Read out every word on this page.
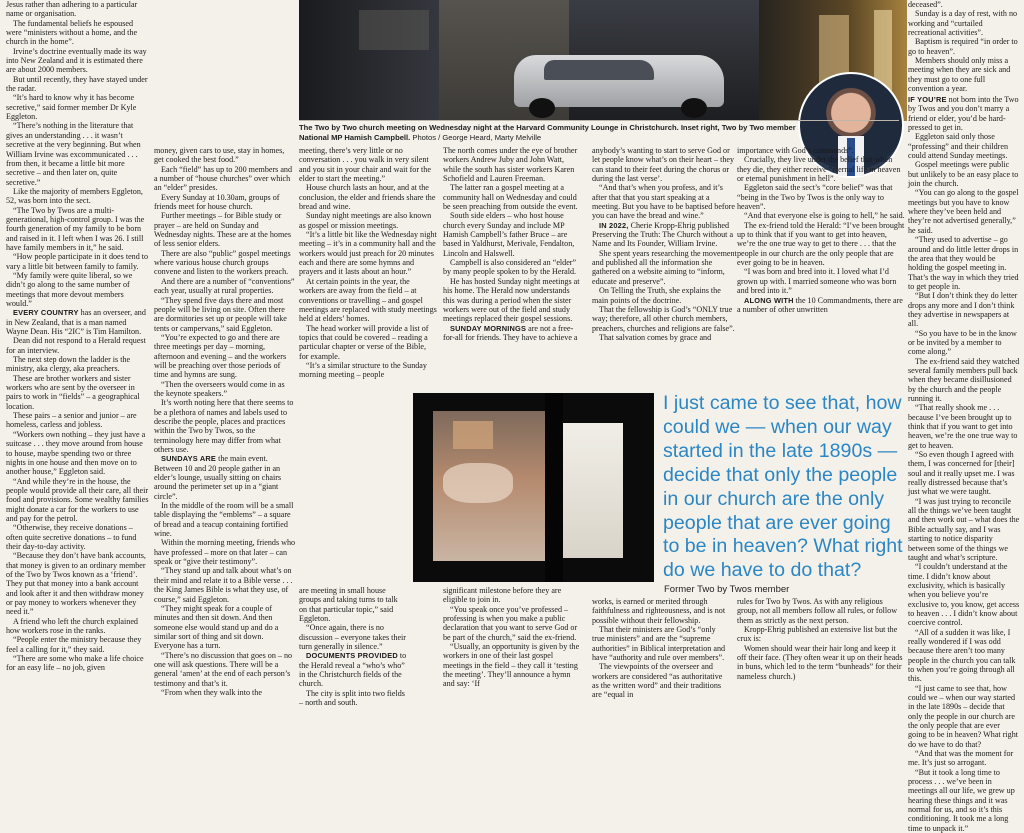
The Two by Two church meeting on Wednesday night at the Harvard Community Lounge in Christchurch. Inset right, Two by Two member National MP Hamish Campbell. Photos / George Heard, Marty Melville
I just came to see that, how could we — when our way started in the late 1890s — decide that only the people in our church are the only people that are ever going to be in heaven? What right do we have to do that?
Former Two by Twos member

Jesus rather than adhering to a particular name or organisation.

The fundamental beliefs he espoused were “ministers without a home, and the church in the home”.

Irvine’s doctrine eventually made its way into New Zealand and it is estimated there are about 2000 members.

But until recently, they have stayed under the radar.

“It’s hard to know why it has become secretive,” said former member Dr Kyle Eggleton.

“There’s nothing in the literature that gives an understanding . . . it wasn’t secretive at the very beginning. But when William Irvine was excommunicated . . . from then, it became a little bit more secretive – and then later on, quite secretive.”

Like the majority of members Eggleton, 52, was born into the sect.

“The Two by Twos are a multi-generational, high-control group. I was the fourth generation of my family to be born and raised in it. I left when I was 26. I still have family members in it,” he said.

“How people participate in it does tend to vary a little bit between family to family.

“My family were quite liberal, so we didn’t go along to the same number of meetings that more devout members would.”

EVERY COUNTRY has an overseer, and in New Zealand, that is a man named Wayne Dean. His “2IC” is Tim Hamilton.

Dean did not respond to a Herald request for an interview.

The next step down the ladder is the ministry, aka clergy, aka preachers.

These are brother workers and sister workers who are sent by the overseer in pairs to work in “fields” – a geographical location.

These pairs – a senior and junior – are homeless, carless and jobless.

“Workers own nothing – they just have a suitcase . . . they move around from house to house, maybe spending two or three nights in one house and then move on to another house,” Eggleton said.

“And while they’re in the house, the people would provide all their care, all their food and provisions. Some wealthy families might donate a car for the workers to use and pay for the petrol.

“Otherwise, they receive donations – often quite secretive donations – to fund their day-to-day activity.

“Because they don’t have bank accounts, that money is given to an ordinary member of the Two by Twos known as a ‘friend’. They put that money into a bank account and look after it and then withdraw money or pay money to workers whenever they need it.”

A friend who left the church explained how workers rose in the ranks.

“People enter the ministry because they feel a calling for it,” they said.

“There are some who make a life choice for an easy life – no job, given

money, given cars to use, stay in homes, get cooked the best food.”

Each “field” has up to 200 members and a number of “house churches” over which an “elder” presides.

Every Sunday at 10.30am, groups of friends meet for house church.

Further meetings – for Bible study or prayer – are held on Sunday and Wednesday nights. These are at the homes of less senior elders.

There are also “public” gospel meetings where various house church groups convene and listen to the workers preach.

And there are a number of “conventions” each year, usually at rural properties.

“They spend five days there and most people will be living on site. Often there are dormitories set up or people will take tents or campervans,” said Eggleton.

“You’re expected to go and there are three meetings per day – morning, afternoon and evening – and the workers will be preaching over those periods of time and hymns are sung.

“Then the overseers would come in as the keynote speakers.”

It’s worth noting here that there seems to be a plethora of names and labels used to describe the people, places and practices within the Two by Twos, so the terminology here may differ from what others use.

SUNDAYS ARE the main event. Between 10 and 20 people gather in an elder’s lounge, usually sitting on chairs around the perimeter set up in a “giant circle”.

In the middle of the room will be a small table displaying the “emblems” – a square of bread and a teacup containing fortified wine.

Within the morning meeting, friends who have professed – more on that later – can speak or “give their testimony”.

“They stand up and talk about what’s on their mind and relate it to a Bible verse . . . the King James Bible is what they use, of course,” said Eggleton.

“They might speak for a couple of minutes and then sit down. And then someone else would stand up and do a similar sort of thing and sit down. Everyone has a turn.

“There’s no discussion that goes on – no one will ask questions. There will be a general ‘amen’ at the end of each person’s testimony and that’s it.

“From when they walk into the

meeting, there’s very little or no conversation . . . you walk in very silent and you sit in your chair and wait for the elder to start the meeting.”

House church lasts an hour, and at the conclusion, the elder and friends share the bread and wine.

Sunday night meetings are also known as gospel or mission meetings.

“It’s a little bit like the Wednesday night meeting – it’s in a community hall and the workers would just preach for 20 minutes each and there are some hymns and prayers and it lasts about an hour.”

At certain points in the year, the workers are away from the field – at conventions or travelling – and gospel meetings are replaced with study meetings held at elders’ homes.

The head worker will provide a list of topics that could be covered – reading a particular chapter or verse of the Bible, for example.

“It’s a similar structure to the Sunday morning meeting – people

are meeting in small house groups and taking turns to talk on that particular topic,” said Eggleton.

“Once again, there is no discussion – everyone takes their turn generally in silence.”

DOCUMENTS PROVIDED to the Herald reveal a “who’s who” in the Christchurch fields of the church.

The city is split into two fields – north and south.

The north comes under the eye of brother workers Andrew Juby and John Watt, while the south has sister workers Karen Schofield and Lauren Freeman.

The latter ran a gospel meeting at a community hall on Wednesday and could be seen preaching from outside the event.

South side elders – who host house church every Sunday and include MP Hamish Campbell’s father Bruce – are based in Yaldhurst, Merivale, Fendalton, Lincoln and Halswell.

Campbell is also considered an “elder” by many people spoken to by the Herald.

He has hosted Sunday night meetings at his home. The Herald now understands this was during a period when the sister workers were out of the field and study meetings replaced their gospel sessions.

SUNDAY MORNINGS are not a free-for-all for friends. They have to achieve a

significant milestone before they are eligible to join in.

“You speak once you’ve professed – professing is when you make a public declaration that you want to serve God or be part of the church,” said the ex-friend.

“Usually, an opportunity is given by the workers in one of their last gospel meetings in the field – they call it ‘testing the meeting’. They’ll announce a hymn and say: ‘If

anybody’s wanting to start to serve God or let people know what’s on their heart – they can stand to their feet during the chorus or during the last verse’.

“And that’s when you profess, and it’s after that that you start speaking at a meeting. But you have to be baptised before you can have the bread and wine.”

IN 2022, Cherie Kropp-Ehrig published Preserving the Truth: The Church without a Name and Its Founder, William Irvine.

She spent years researching the movement and published all the information she gathered on a website aiming to “inform, educate and preserve”.

On Telling the Truth, she explains the main points of the doctrine.

That the fellowship is God’s “ONLY true way; therefore, all other church members, preachers, churches and religions are false”.

That salvation comes by grace and

works, is earned or merited through faithfulness and righteousness, and is not possible without their fellowship.

That their ministers are God’s “only true ministers” and are the “supreme authorities” in Biblical interpretation and have “authority and rule over members”.

The viewpoints of the overseer and workers are considered “as authoritative as the written word” and their traditions are “equal in

importance with God’s commands”.

Crucially, they live under the belief that when they die, they either receive “eternal life in heaven or eternal punishment in hell”.

Eggleton said the sect’s “core belief” was that “being in the Two by Twos is the only way to heaven”.

“And that everyone else is going to hell,” he said.

The ex-friend told the Herald: “I’ve been brought up to think that if you want to get into heaven, we’re the one true way to get to there . . . that the people in our church are the only people that are ever going to be in heaven.

“I was born and bred into it. I loved what I’d grown up with. I married someone who was born and bred into it.”

ALONG WITH the 10 Commandments, there are a number of other unwritten

rules for Two by Twos. As with any religious group, not all members follow all rules, or follow them as strictly as the next person.

Kropp-Ehrig published an extensive list but the crux is:

Women should wear their hair long and keep it off their face. (They often wear it up on their heads in buns, which led to the term “bunheads” for their nameless church.)

deceased”.

Sunday is a day of rest, with no working and “curtailed recreational activities”.

Baptism is required “in order to go to heaven”.

Members should only miss a meeting when they are sick and they must go to one full convention a year.

IF YOU’RE not born into the Two by Twos and you don’t marry a friend or elder, you’d be hard-pressed to get in.

Eggleton said only those “professing” and their children could attend Sunday meetings.

Gospel meetings were public but unlikely to be an easy place to join the church.

“You can go along to the gospel meetings but you have to know where they’ve been held and they’re not advertised generally,” he said.

“They used to advertise – go around and do little letter drops in the area that they would be holding the gospel meeting in. That’s the way in which they tried to get people in.

“But I don’t think they do letter drops any more and I don’t think they advertise in newspapers at all.

“So you have to be in the know or be invited by a member to come along.”

The ex-friend said they watched several family members pull back when they became disillusioned by the church and the people running it.

“That really shook me . . . because I’ve been brought up to think that if you want to get into heaven, we’re the one true way to get to heaven.

“So even though I agreed with them, I was concerned for [their] soul and it really upset me. I was really distressed because that’s just what we were taught.

“I was just trying to reconcile all the things we’ve been taught and then work out – what does the Bible actually say, and I was starting to notice disparity between some of the things we taught and what’s scripture.

“I couldn’t understand at the time. I didn’t know about exclusivity, which is basically when you believe you’re exclusive to, you know, get access to heaven . . . I didn’t know about coercive control.

“All of a sudden it was like, I really wondered if I was odd because there aren’t too many people in the church you can talk to when you’re going through all this.

“I just came to see that, how could we – when our way started in the late 1890s – decide that only the people in our church are the only people that are ever going to be in heaven? What right do we have to do that?

“And that was the moment for me. It’s just so arrogant.

“But it took a long time to process . . . we’ve been in meetings all our life, we grew up hearing these things and it was normal for us, and so it’s this conditioning. It took me a long time to unpack it.”
